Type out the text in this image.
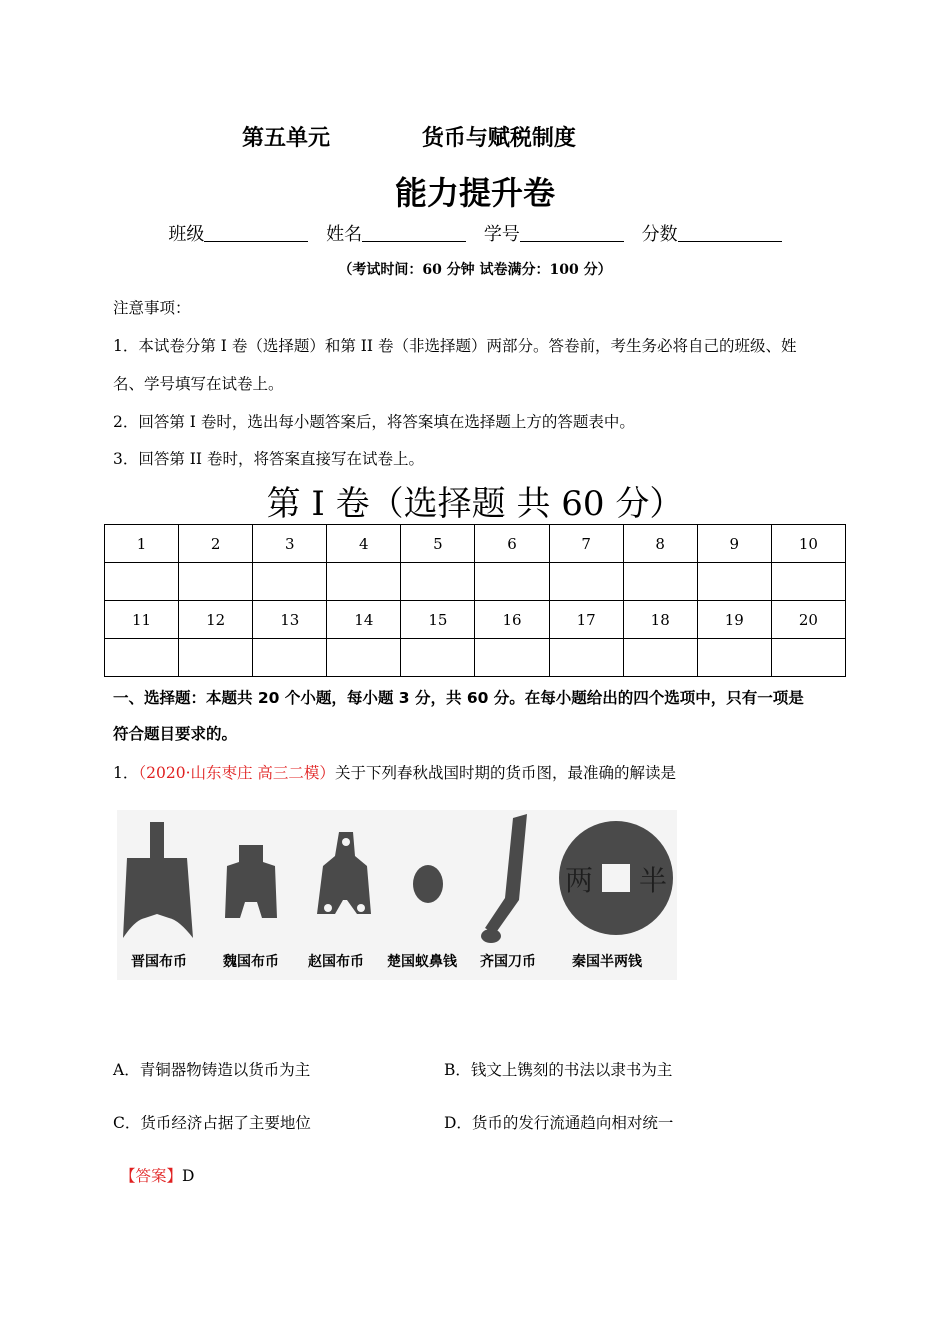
第五单元            货币与赋税制度
能力提升卷
班级	姓名	学号	分数
（考试时间：60 分钟 试卷满分：100 分）
注意事项：
1．本试卷分第 I 卷（选择题）和第 II 卷（非选择题）两部分。答卷前，考生务必将自己的班级、姓
名、学号填写在试卷上。
2．回答第 I 卷时，选出每小题答案后，将答案填在选择题上方的答题表中。
3．回答第 II 卷时，将答案直接写在试卷上。
第 I 卷（选择题 共 60 分）
1	2	3	4	5	6	7	8	9	10

11	12	13	14	15	16	17	18	19	20

一、选择题：本题共 20 个小题，每小题 3 分，共 60 分。在每小题给出的四个选项中，只有一项是
符合题目要求的。
1．（2020·山东枣庄 高三二模）关于下列春秋战国时期的货币图，最准确的解读是
两 半
晋国布币	魏国布币 赵国布币 楚国蚁鼻钱 齐国刀币	秦国半两钱
A．青铜器物铸造以货币为主	B．钱文上镌刻的书法以隶书为主
C．货币经济占据了主要地位	D．货币的发行流通趋向相对统一
【答案】D
